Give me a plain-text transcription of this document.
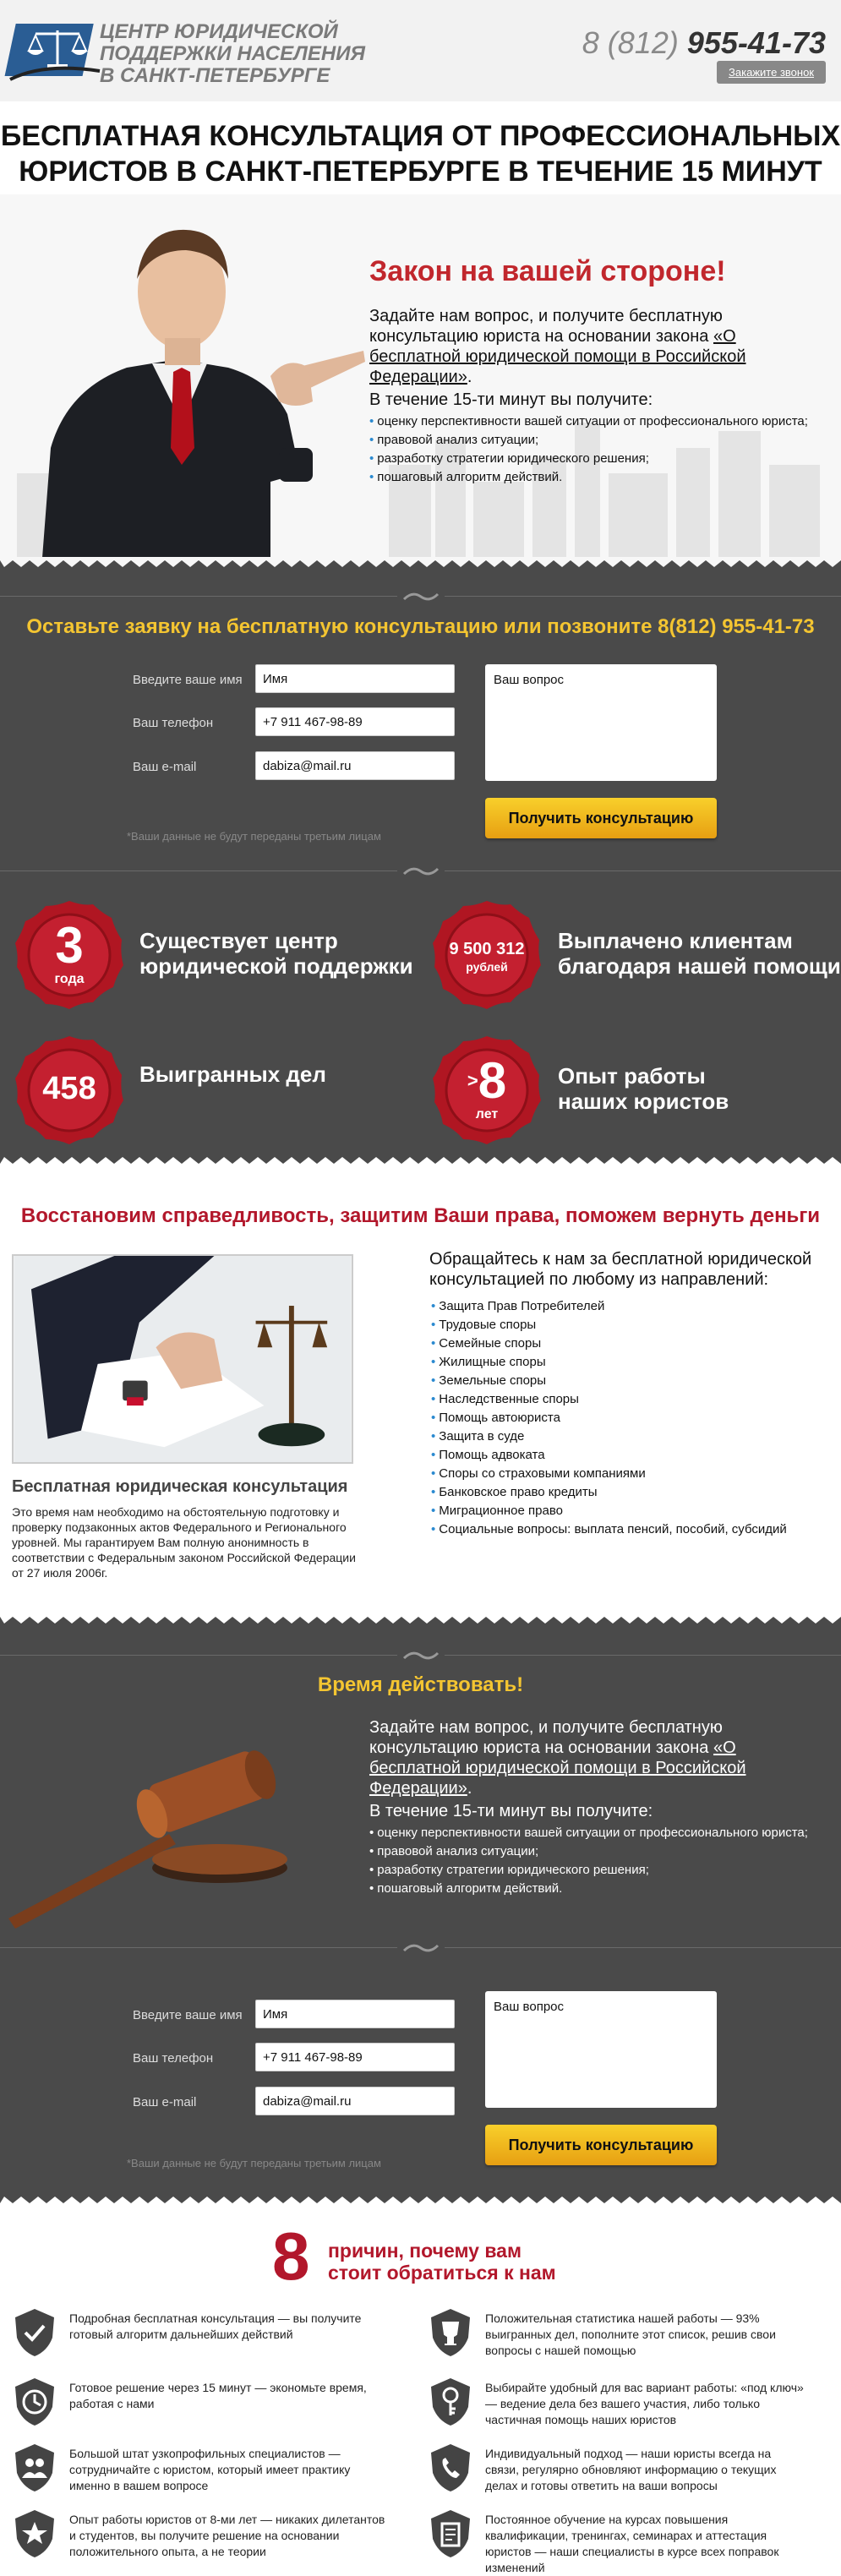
ЦЕНТР ЮРИДИЧЕСКОЙ
ПОДДЕРЖКИ НАСЕЛЕНИЯ
В САНКТ-ПЕТЕРБУРГЕ
8 (812) 955-41-73
Закажите звонок
БЕСПЛАТНАЯ КОНСУЛЬТАЦИЯ ОТ ПРОФЕССИОНАЛЬНЫХ
ЮРИСТОВ В САНКТ-ПЕТЕРБУРГЕ В ТЕЧЕНИЕ 15 МИНУТ
Закон на вашей стороне!
Задайте нам вопрос, и получите бесплатную консультацию юриста на основании закона «О бесплатной юридической помощи в Российской Федерации».
В течение 15-ти минут вы получите:
• оценку перспективности вашей ситуации от профессионального юриста;
• правовой анализ ситуации;
• разработку стратегии юридического решения;
• пошаговый алгоритм действий.
Оставьте заявку на бесплатную консультацию или позвоните 8(812) 955-41-73
Введите ваше имя	Имя
Ваш телефон	+7 911 467-98-89
Ваш e-mail	dabiza@mail.ru
Ваш вопрос
Получить консультацию
*Ваши данные не будут переданы третьим лицам
3
года
Существует центр
юридической поддержки
9 500 312
рублей
Выплачено клиентам
благодаря нашей помощи
458	Выигранных дел	>8
лет
Опыт работы
наших юристов
Восстановим справедливость, защитим Ваши права, поможем вернуть деньги
Бесплатная юридическая консультация
Это время нам необходимо на обстоятельную подготовку и проверку подзаконных актов Федерального и Регионального уровней. Мы гарантируем Вам полную анонимность в соответствии с Федеральным законом Российской Федерации от 27 июля 2006г.
Обращайтесь к нам за бесплатной юридической консультацией по любому из направлений:
• Защита Прав Потребителей
• Трудовые споры
• Семейные споры
• Жилищные споры
• Земельные споры
• Наследственные споры
• Помощь автоюриста
• Защита в суде
• Помощь адвоката
• Споры со страховыми компаниями
• Банковское право кредиты
• Миграционное право
• Социальные вопросы: выплата пенсий, пособий, субсидий
Время действовать!
Задайте нам вопрос, и получите бесплатную консультацию юриста на основании закона «О бесплатной юридической помощи в Российской Федерации».
В течение 15-ти минут вы получите:
• оценку перспективности вашей ситуации от профессионального юриста;
• правовой анализ ситуации;
• разработку стратегии юридического решения;
• пошаговый алгоритм действий.
Введите ваше имя	Имя
Ваш телефон	+7 911 467-98-89
Ваш e-mail	dabiza@mail.ru
Ваш вопрос
Получить консультацию
*Ваши данные не будут переданы третьим лицам
8 причин, почему вам
стоит обратиться к нам
Подробная бесплатная консультация — вы получите готовый алгоритм дальнейших действий
Положительная статистика нашей работы — 93% выигранных дел, пополните этот список, решив свои вопросы с нашей помощью
Готовое решение через 15 минут — экономьте время, работая с нами
Выбирайте удобный для вас вариант работы: «под ключ» — ведение дела без вашего участия, либо только частичная помощь наших юристов
Большой штат узкопрофильных специалистов — сотрудничайте с юристом, который имеет практику именно в вашем вопросе
Индивидуальный подход — наши юристы всегда на связи, регулярно обновляют информацию о текущих делах и готовы ответить на ваши вопросы
Опыт работы юристов от 8-ми лет — никаких дилетантов и студентов, вы получите решение на основании положительного опыта, а не теории
Постоянное обучение на курсах повышения квалификации, тренингах, семинарах и аттестация юристов — наши специалисты в курсе всех поправок изменений
